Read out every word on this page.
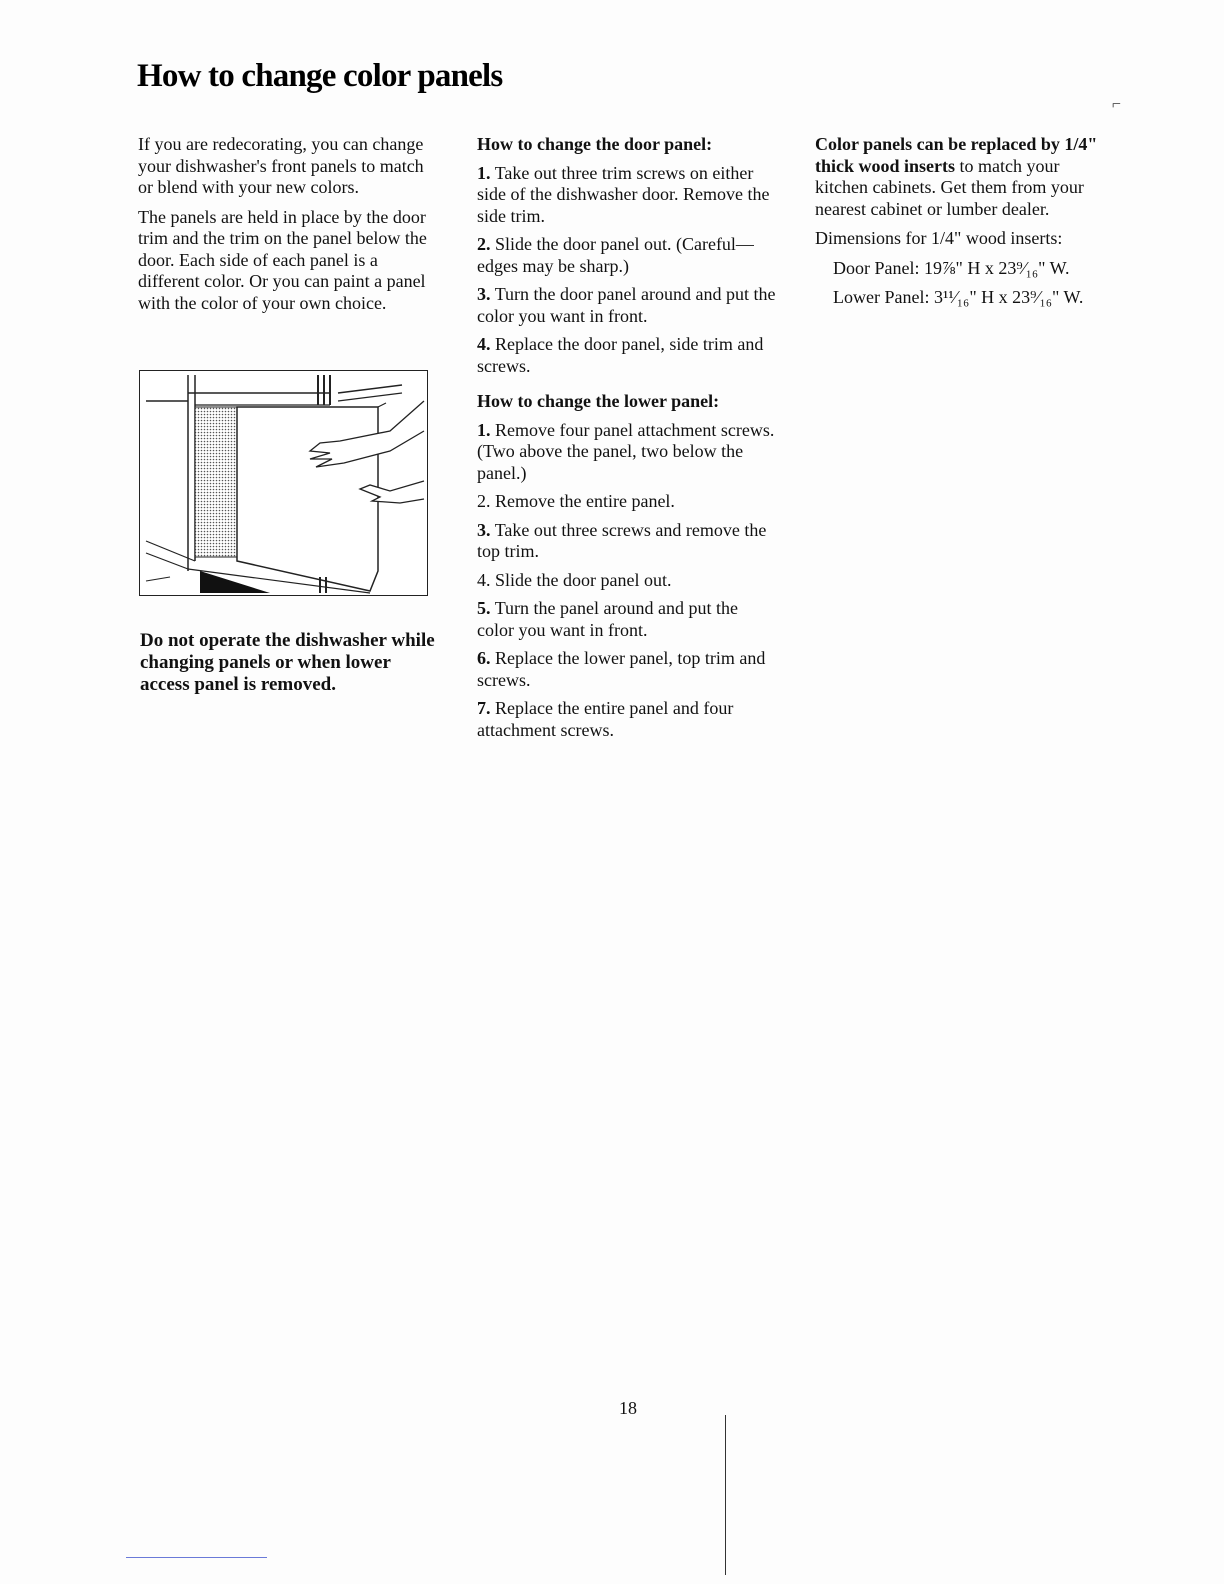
How to change color panels
⌐

If you are redecorating, you can change your dishwasher's front panels to match or blend with your new colors.

The panels are held in place by the door trim and the trim on the panel below the door. Each side of each panel is a different color. Or you can paint a panel with the color of your own choice.

Do not operate the dishwasher while changing panels or when lower access panel is removed.

How to change the door panel:
1. Take out three trim screws on either side of the dishwasher door. Remove the side trim.
2. Slide the door panel out. (Careful—edges may be sharp.)
3. Turn the door panel around and put the color you want in front.
4. Replace the door panel, side trim and screws.
How to change the lower panel:
1. Remove four panel attachment screws. (Two above the panel, two below the panel.)
2. Remove the entire panel.
3. Take out three screws and remove the top trim.
4. Slide the door panel out.
5. Turn the panel around and put the color you want in front.
6. Replace the lower panel, top trim and screws.
7. Replace the entire panel and four attachment screws.

Color panels can be replaced by 1/4" thick wood inserts to match your kitchen cabinets. Get them from your nearest cabinet or lumber dealer.

Dimensions for 1/4" wood inserts:

Door Panel: 19⅞" H x 23⁹⁄₁₆" W.

Lower Panel: 3¹¹⁄₁₆" H x 23⁹⁄₁₆" W.

18
